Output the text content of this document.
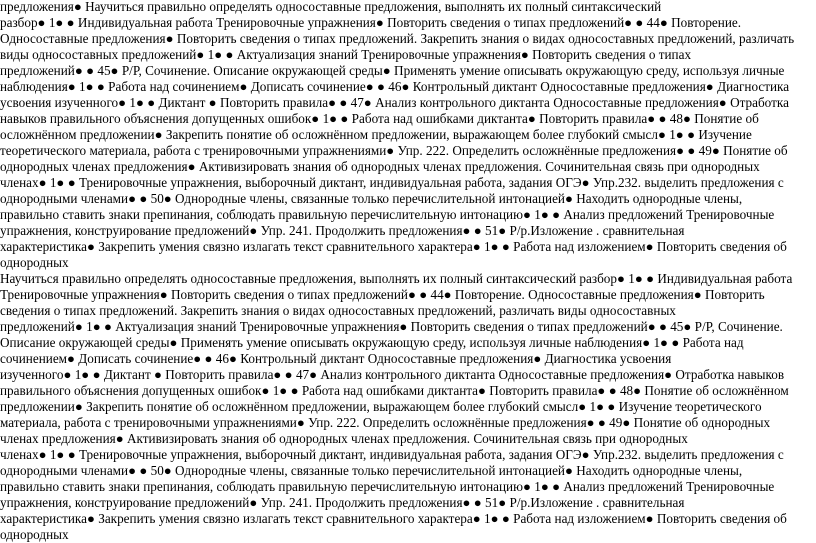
предложения● Научиться правильно определять односоставные предложения, выполнять их полный синтаксический
разбор● 1● ● Индивидуальная работа Тренировочные упражнения● Повторить сведения о типах предложений● ● 44● Повторение.
Односоставные предложения● Повторить сведения о типах предложений. Закрепить знания о видах односоставных предложений, различать
виды односоставных предложений● 1● ● Актуализация знаний Тренировочные упражнения● Повторить сведения о типах
предложений● ● 45● Р/Р, Сочинение. Описание окружающей среды● Применять умение описывать окружающую среду, используя личные
наблюдения● 1● ● Работа над сочинением● Дописать сочинение● ● 46● Контрольный диктант Односоставные предложения● Диагностика
усвоения изученного● 1● ● Диктант ● Повторить правила● ● 47● Анализ контрольного диктанта Односоставные предложения● Отработка
навыков правильного объяснения допущенных ошибок● 1● ● Работа над ошибками диктанта● Повторить правила● ● 48● Понятие об
осложнённом предложении● Закрепить понятие об осложнённом предложении, выражающем более глубокий смысл● 1● ● Изучение
теоретического материала, работа с тренировочными упражнениями● Упр. 222. Определить осложнённые предложения● ● 49● Понятие об
однородных членах предложения● Активизировать знания об однородных членах предложения. Сочинительная связь при однородных
членах● 1● ● Тренировочные упражнения, выборочный диктант, индивидуальная работа, задания ОГЭ● Упр.232. выделить предложения с
однородными членами● ● 50● Однородные члены, связанные только перечислительной интонацией● Находить однородные члены,
правильно ставить знаки препинания, соблюдать правильную перечислительную интонацию● 1● ● Анализ предложений Тренировочные
упражнения, конструирование предложений● Упр. 241. Продолжить предложения● ● 51● Р/р.Изложение . сравнительная
характеристика● Закрепить умения связно излагать текст сравнительного характера● 1● ● Работа над изложением● Повторить сведения об
однородных
Научиться правильно определять односоставные предложения, выполнять их полный синтаксический разбор● 1● ● Индивидуальная работа
Тренировочные упражнения● Повторить сведения о типах предложений● ● 44● Повторение. Односоставные предложения● Повторить
сведения о типах предложений. Закрепить знания о видах односоставных предложений, различать виды односоставных
предложений● 1● ● Актуализация знаний Тренировочные упражнения● Повторить сведения о типах предложений● ● 45● Р/Р, Сочинение.
Описание окружающей среды● Применять умение описывать окружающую среду, используя личные наблюдения● 1● ● Работа над
сочинением● Дописать сочинение● ● 46● Контрольный диктант Односоставные предложения● Диагностика усвоения
изученного● 1● ● Диктант ● Повторить правила● ● 47● Анализ контрольного диктанта Односоставные предложения● Отработка навыков
правильного объяснения допущенных ошибок● 1● ● Работа над ошибками диктанта● Повторить правила● ● 48● Понятие об осложнённом
предложении● Закрепить понятие об осложнённом предложении, выражающем более глубокий смысл● 1● ● Изучение теоретического
материала, работа с тренировочными упражнениями● Упр. 222. Определить осложнённые предложения● ● 49● Понятие об однородных
членах предложения● Активизировать знания об однородных членах предложения. Сочинительная связь при однородных
членах● 1● ● Тренировочные упражнения, выборочный диктант, индивидуальная работа, задания ОГЭ● Упр.232. выделить предложения с
однородными членами● ● 50● Однородные члены, связанные только перечислительной интонацией● Находить однородные члены,
правильно ставить знаки препинания, соблюдать правильную перечислительную интонацию● 1● ● Анализ предложений Тренировочные
упражнения, конструирование предложений● Упр. 241. Продолжить предложения● ● 51● Р/р.Изложение . сравнительная
характеристика● Закрепить умения связно излагать текст сравнительного характера● 1● ● Работа над изложением● Повторить сведения об
однородных
